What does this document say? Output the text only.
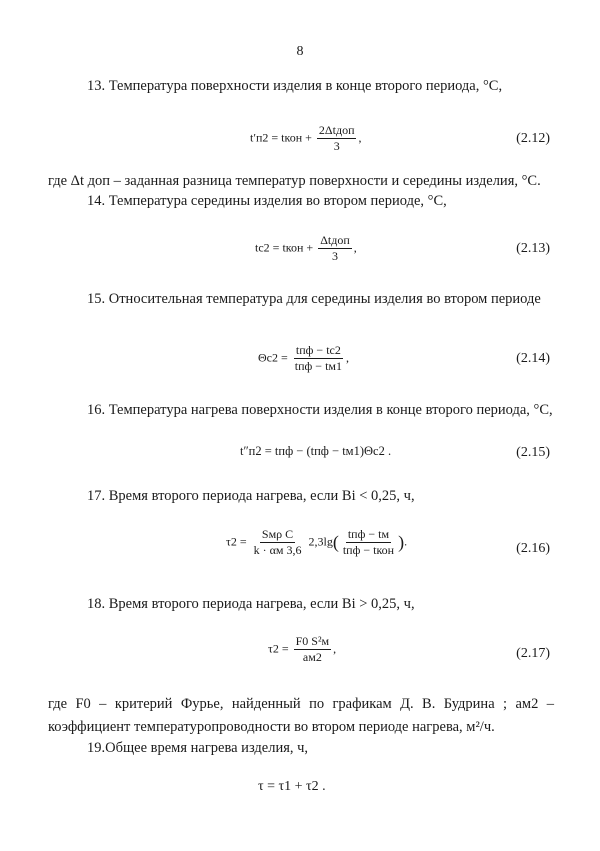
8
13. Температура поверхности изделия в конце второго периода, °С,
t′п2 = tкон + $\frac{\text{2Δtдоп}}{3}$ ,	(2.12)
где Δt доп – заданная разница температур поверхности и середины изделия, °С.
14. Температура середины изделия во втором периоде, °С,
tс2 = tкон + $\frac{\text{Δtдоп}}{3}$ ,	(2.13)
15. Относительная температура для середины изделия во втором периоде
$\Theta с2 = \frac{\text{tпф − tс2}}{\text{tпф − tм1}}$ ,	(2.14)
16. Температура нагрева поверхности изделия в конце второго периода, °С,
t″п2 = tпф − (tпф − tм1)Θс2 .	(2.15)
17. Время второго периода нагрева, если Bi < 0,25, ч,
$\tau 2 = \frac{\text{Sмρ C}}{k \cdot \alpha м 3,6} 2,3\lg( \frac{\text{tпф − tм}}{\text{tпф − tкон}}$ ).	(2.16)
18. Время второго периода нагрева, если Bi > 0,25, ч,
$\tau 2 = \frac{\text{F0 S²м}}{aм2}$ ,	(2.17)
где F0 – критерий Фурье, найденный по графикам Д. В. Будрина ; aм2 – коэффициент температуропроводности во втором периоде нагрева, м²/ч.
19.Общее время нагрева изделия, ч,
τ = τ1 + τ2 .
